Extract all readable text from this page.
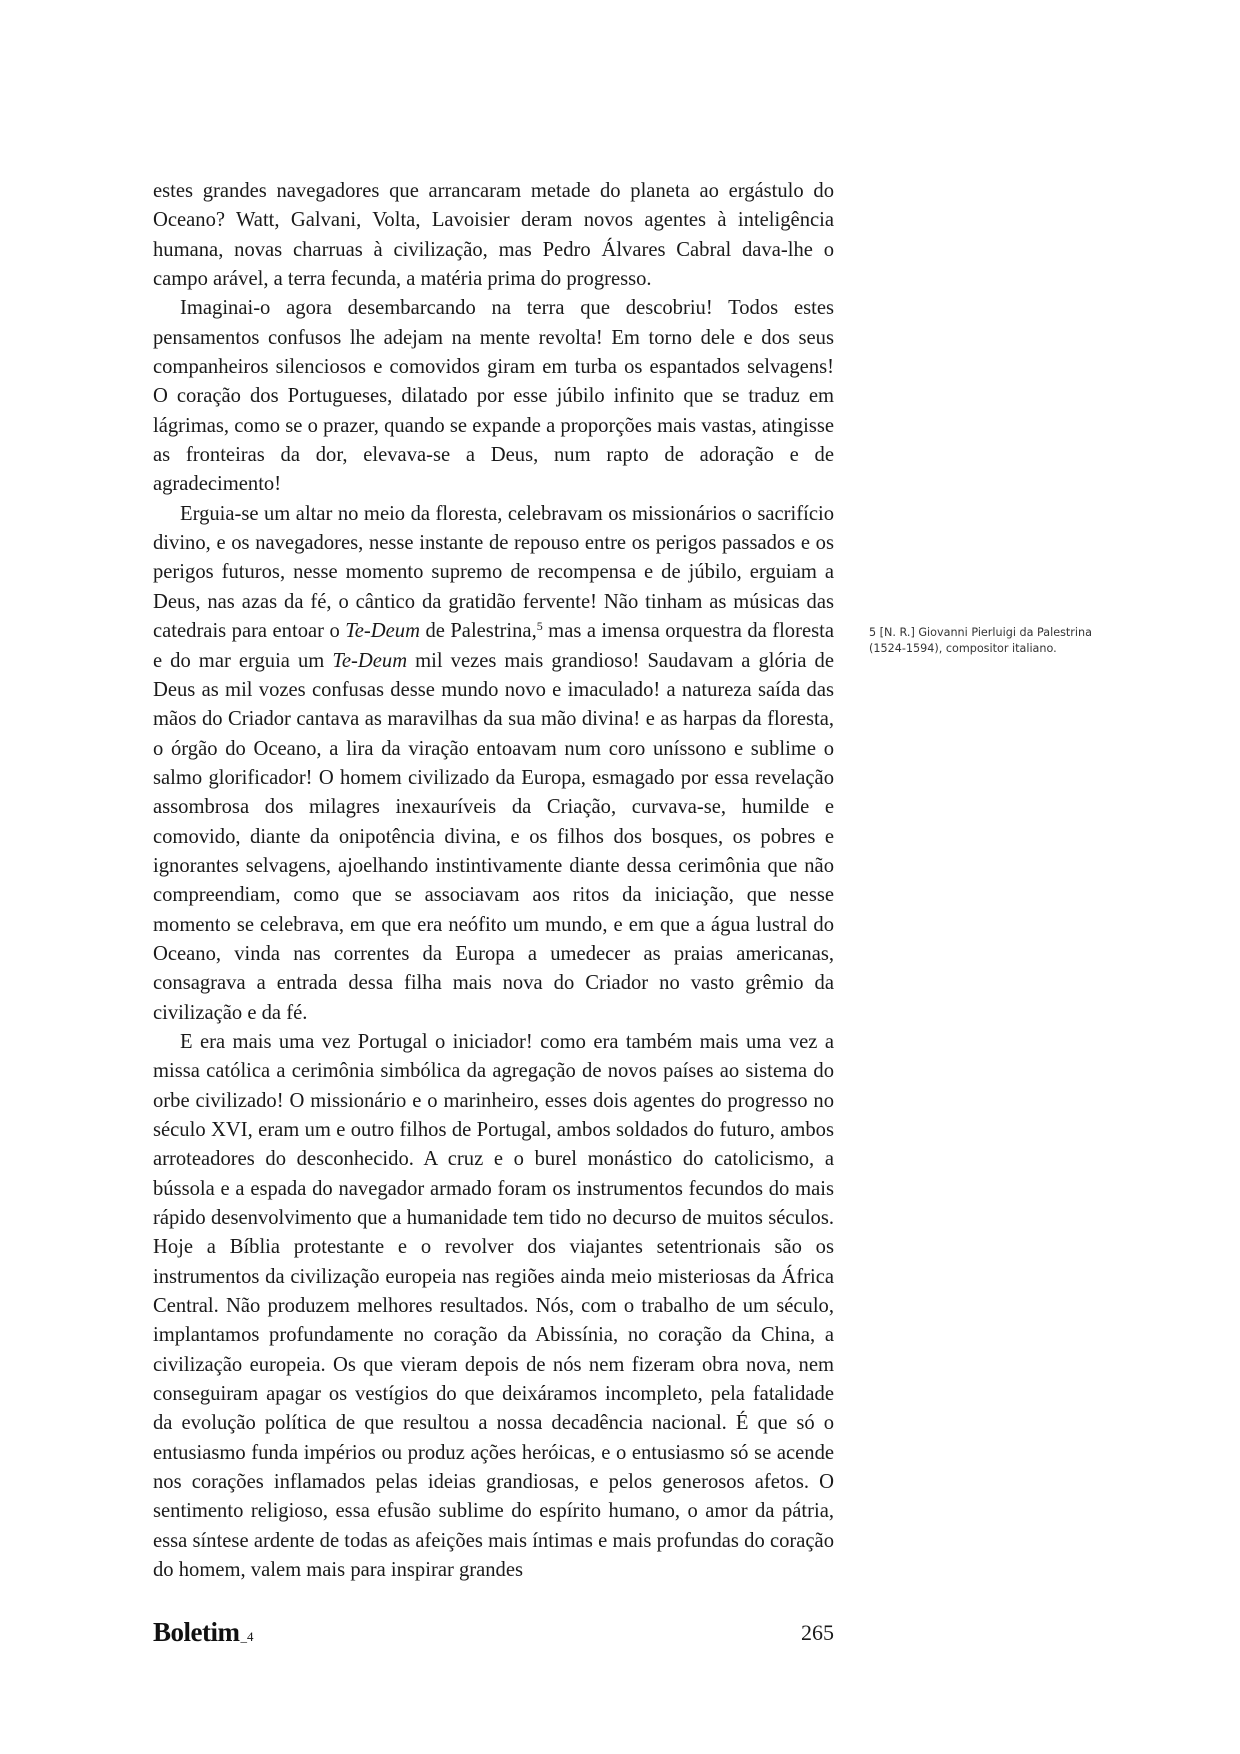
estes grandes navegadores que arrancaram metade do planeta ao ergástulo do Oceano? Watt, Galvani, Volta, Lavoisier deram novos agentes à inteligência humana, novas charruas à civilização, mas Pedro Álvares Cabral dava-lhe o campo arável, a terra fecunda, a matéria prima do progresso.

Imaginai-o agora desembarcando na terra que descobriu! Todos estes pensamentos confusos lhe adejam na mente revolta! Em torno dele e dos seus companheiros silenciosos e comovidos giram em turba os espantados selvagens! O coração dos Portugueses, dilatado por esse júbilo infinito que se traduz em lágrimas, como se o prazer, quando se expande a proporções mais vastas, atingisse as fronteiras da dor, elevava-se a Deus, num rapto de adoração e de agradecimento!

Erguia-se um altar no meio da floresta, celebravam os missionários o sacrifício divino, e os navegadores, nesse instante de repouso entre os perigos passados e os perigos futuros, nesse momento supremo de recompensa e de júbilo, erguiam a Deus, nas azas da fé, o cântico da gratidão fervente! Não tinham as músicas das catedrais para entoar o Te-Deum de Palestrina,$^5$ mas a imensa orquestra da floresta e do mar erguia um Te-Deum mil vezes mais grandioso! Saudavam a glória de Deus as mil vozes confusas desse mundo novo e imaculado! a natureza saída das mãos do Criador cantava as maravilhas da sua mão divina! e as harpas da floresta, o órgão do Oceano, a lira da viração entoavam num coro uníssono e sublime o salmo glorificador! O homem civilizado da Europa, esmagado por essa revelação assombrosa dos milagres inexauríveis da Criação, curvava-se, humilde e comovido, diante da onipotência divina, e os filhos dos bosques, os pobres e ignorantes selvagens, ajoelhando instintivamente diante dessa cerimônia que não compreendiam, como que se associavam aos ritos da iniciação, que nesse momento se celebrava, em que era neófito um mundo, e em que a água lustral do Oceano, vinda nas correntes da Europa a umedecer as praias americanas, consagrava a entrada dessa filha mais nova do Criador no vasto grêmio da civilização e da fé.

E era mais uma vez Portugal o iniciador! como era também mais uma vez a missa católica a cerimônia simbólica da agregação de novos países ao sistema do orbe civilizado! O missionário e o marinheiro, esses dois agentes do progresso no século XVI, eram um e outro filhos de Portugal, ambos soldados do futuro, ambos arroteadores do desconhecido. A cruz e o burel monástico do catolicismo, a bússola e a espada do navegador armado foram os instrumentos fecundos do mais rápido desenvolvimento que a humanidade tem tido no decurso de muitos séculos. Hoje a Bíblia protestante e o revolver dos viajantes setentrionais são os instrumentos da civilização europeia nas regiões ainda meio misteriosas da África Central. Não produzem melhores resultados. Nós, com o trabalho de um século, implantamos profundamente no coração da Abissínia, no coração da China, a civilização europeia. Os que vieram depois de nós nem fizeram obra nova, nem conseguiram apagar os vestígios do que deixáramos incompleto, pela fatalidade da evolução política de que resultou a nossa decadência nacional. É que só o entusiasmo funda impérios ou produz ações heróicas, e o entusiasmo só se acende nos corações inflamados pelas ideias grandiosas, e pelos generosos afetos. O sentimento religioso, essa efusão sublime do espírito humano, o amor da pátria, essa síntese ardente de todas as afeições mais íntimas e mais profundas do coração do homem, valem mais para inspirar grandes

5 [N. R.] Giovanni Pierluigi da Palestrina
(1524-1594), compositor italiano.
Boletim_4	265
